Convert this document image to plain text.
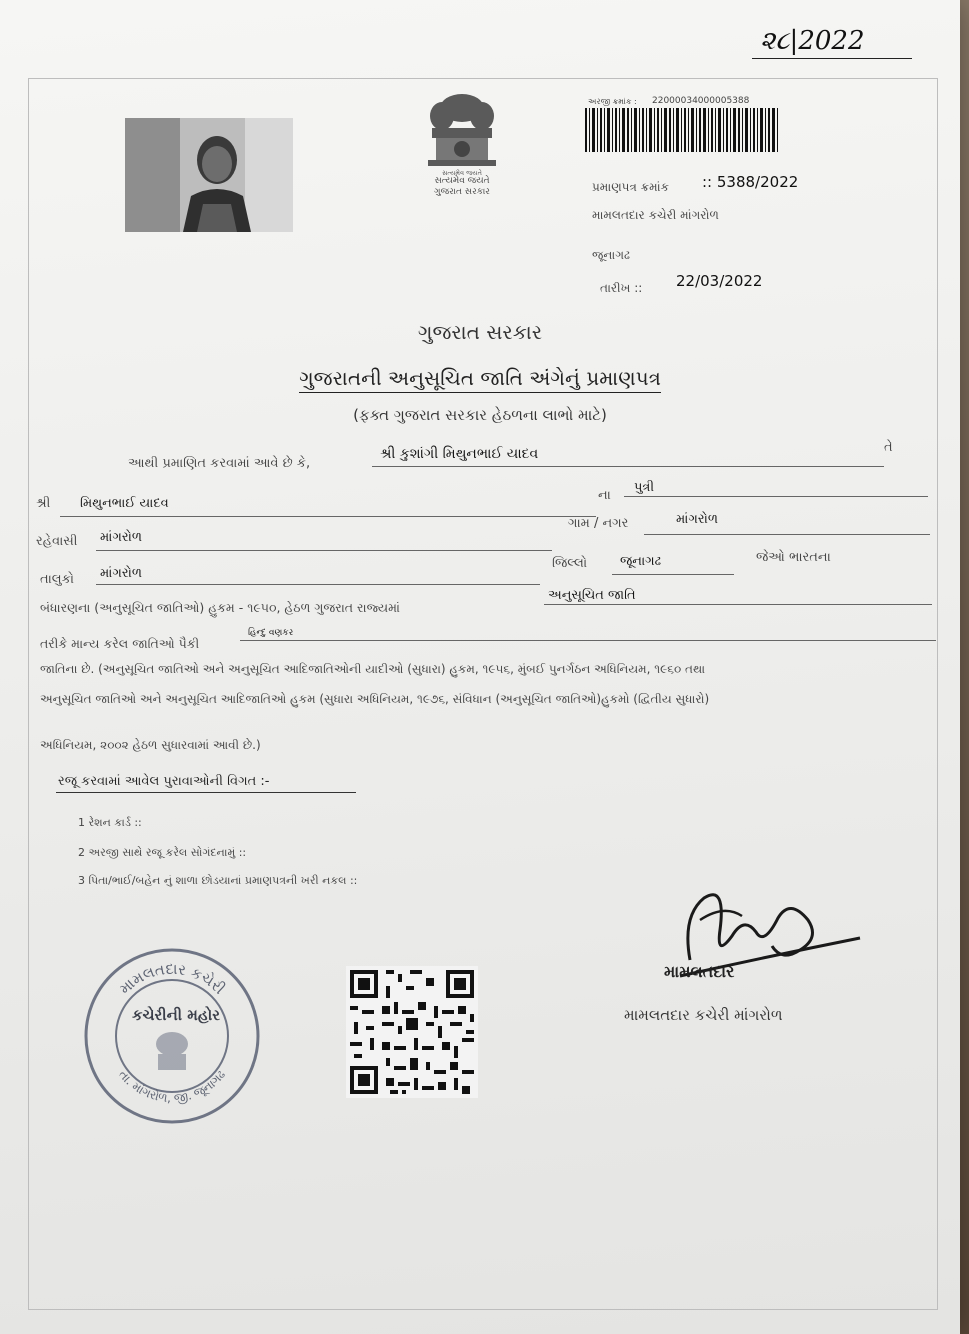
૨૮|2022
સત્યમેવ જયતે
સત્યમેવ જયતે
ગુજરાત સરકાર
અરજી ક્રમાંક : 22000034000005388
પ્રમાણપત્ર ક્રમાંક :: 5388/2022
મામલતદાર કચેરી માંગરોળ
જૂનાગઢ
તારીખ :: 22/03/2022
ગુજરાત સરકાર
ગુજરાતની અનુસૂચિત જાતિ અંગેનું પ્રમાણપત્ર
(ફક્ત ગુજરાત સરકાર હેઠળના લાભો માટે)
આથી પ્રમાણિત કરવામાં આવે છે કે,
શ્રી કુશાંગી મિથુનભાઈ યાદવ	તે
શ્રી મિથુનભાઈ યાદવ
ના
પુત્રી
રહેવાસી માંગરોળ
ગામ / નગર	માંગરોળ
તાલુકો માંગરોળ
જિલ્લો	જૂનાગઢ	જેઓ ભારતના
બંધારણના (અનુસૂચિત જાતિઓ) હુકમ - ૧૯૫૦, હેઠળ ગુજરાત રાજ્યમાં
અનુસૂચિત જાતિ
તરીકે માન્ય કરેલ જાતિઓ પૈકી
હિન્દુ વણકર
જાતિના છે. (અનુસૂચિત જાતિઓ અને અનુસૂચિત આદિજાતિઓની યાદીઓ (સુધારા) હુકમ, ૧૯૫૬, મુંબઈ પુનર્ગઠન અધિનિયમ, ૧૯૬૦ તથા
અનુસૂચિત જાતિઓ અને અનુસૂચિત આદિજાતિઓ હુકમ (સુધારા અધિનિયમ, ૧૯૭૬, સંવિધાન (અનુસૂચિત જાતિઓ)હુકમો (દ્વિતીય સુધારો)
અધિનિયમ, ૨૦૦૨ હેઠળ સુધારવામાં આવી છે.)
રજૂ કરવામાં આવેલ પુરાવાઓની વિગત :-
1 રેશન કાર્ડ ::
2 અરજી સાથે રજૂ કરેલ સોગંદનામું ::
3 પિતા/ભાઈ/બહેન નું શાળા છોડયાનાં પ્રમાણપત્રની ખરી નકલ ::
મામલતદાર કચેરી
તા. માંગરોળ, જી. જૂનાગઢ
કચેરીની મહોર
મામલતદાર
મામલતદાર કચેરી માંગરોળ
